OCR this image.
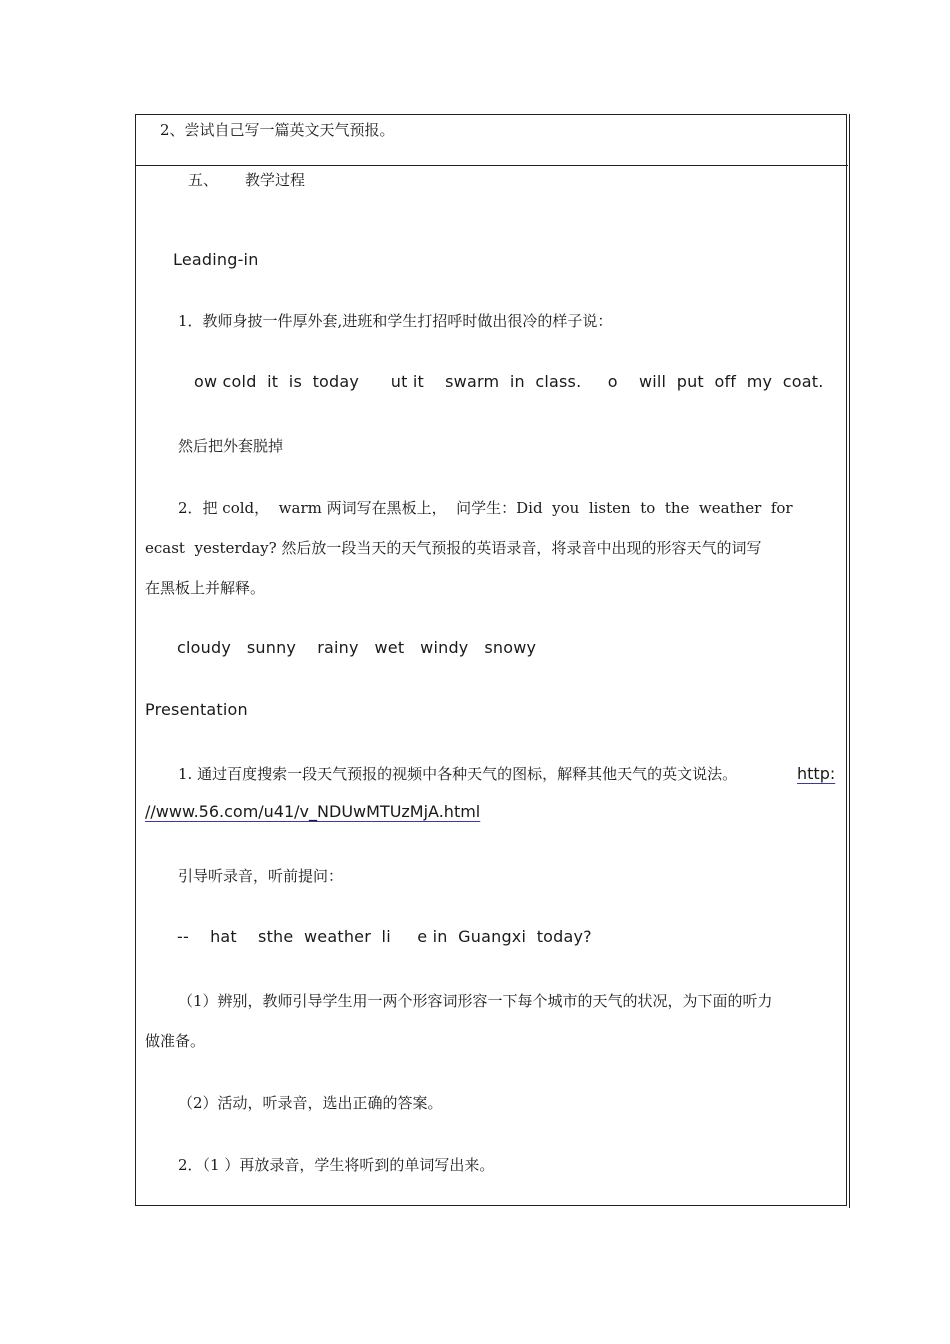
2、尝试自己写一篇英文天气预报。
五、 教学过程
Leading-in
1．教师身披一件厚外套,进班和学生打招呼时做出很冷的样子说：
ow cold  it  is  today      ut it    swarm  in  class.     o    will  put  off  my  coat.
然后把外套脱掉
2．把 cold，  warm 两词写在黑板上，  问学生：Did  you  listen  to  the  weather  for
ecast  yesterday? 然后放一段当天的天气预报的英语录音，将录音中出现的形容天气的词写
在黑板上并解释。
cloudy   sunny    rainy   wet   windy   snowy
Presentation
1. 通过百度搜索一段天气预报的视频中各种天气的图标，解释其他天气的英文说法。	http:
//www.56.com/u41/v_NDUwMTUzMjA.html
引导听录音，听前提问：
--    hat    sthe  weather  li     e in  Guangxi  today?
（1）辨别，教师引导学生用一两个形容词形容一下每个城市的天气的状况，为下面的听力
做准备。
（2）活动，听录音，选出正确的答案。
2．（1 ）再放录音，学生将听到的单词写出来。
